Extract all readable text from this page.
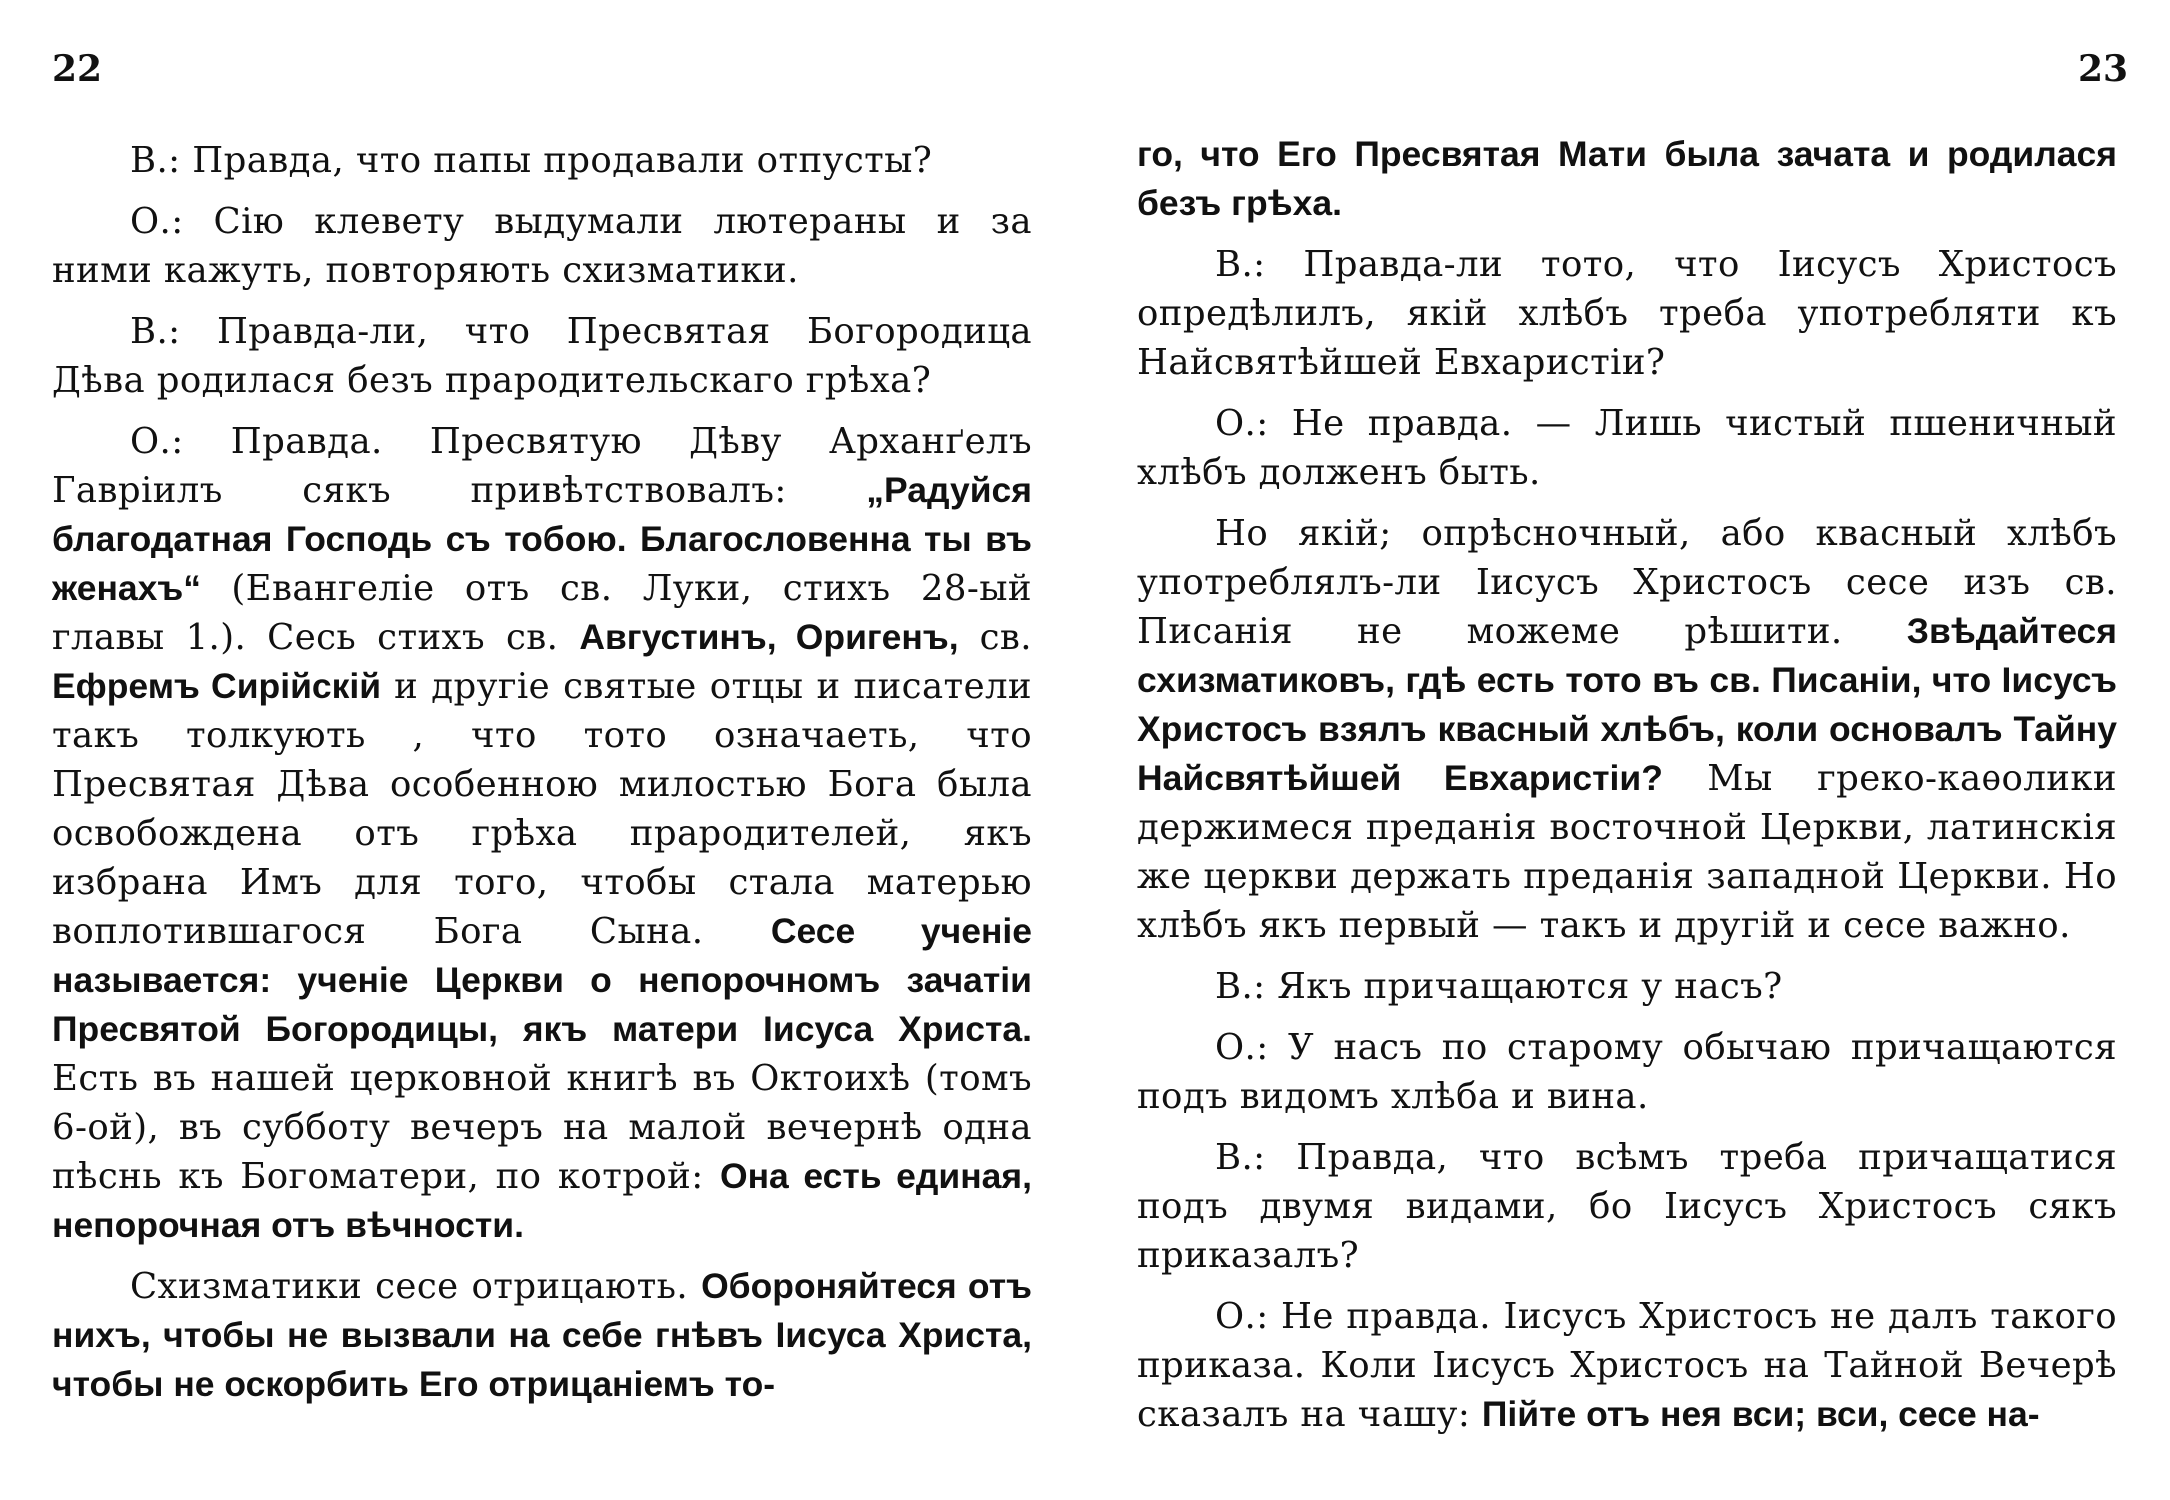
22	23

В.: Правда, что папы продавали отпусты?

О.: Сію клевету выдумали лютераны и за ними кажуть, повторяють схизматики.

В.: Правда-ли, что Пресвятая Богородица Дѣва родилася безъ прародительскаго грѣха?

О.: Правда. Пресвятую Дѣву Арханґелъ Гавріилъ сякъ привѣтствовалъ: „Радуйся благодатная Господь съ тобою. Благословенна ты въ женахъ“ (Евангеліе отъ св. Луки, стихъ 28-ый главы 1.). Сесь стихъ св. Августинъ, Оригенъ, св. Ефремъ Сирійскій и другіе святые отцы и писатели такъ толкують , что тото означаеть, что Пресвятая Дѣва особенною милостью Бога была освобождена отъ грѣха прародителей, якъ избрана Имъ для того, чтобы стала матерью воплотившагося Бога Сына. Сесе ученіе называется: ученіе Церкви о непорочномъ зачатіи Пресвятой Богородицы, якъ матери Іисуса Христа. Есть въ нашей церковной книгѣ въ Октоихѣ (томъ 6-ой), въ субботу вечеръ на малой вечернѣ одна пѣснь къ Богоматери, по котрой: Она есть единая, непорочная отъ вѣчности.

Схизматики сесе отрицають. Обороняйтеся отъ нихъ, чтобы не вызвали на себе гнѣвъ Іисуса Христа, чтобы не оскорбить Его отрицаніемъ то-

го, что Его Пресвятая Мати была зачата и родилася безъ грѣха.

В.: Правда-ли тото, что Іисусъ Христосъ опредѣлилъ, якій хлѣбъ треба употребляти къ Найсвятѣйшей Евхаристіи?

О.: Не правда. — Лишь чистый пшеничный хлѣбъ долженъ быть.

Но якій; опрѣсночный, або квасный хлѣбъ употреблялъ-ли Іисусъ Христосъ сесе изъ св. Писанія не можеме рѣшити. Звѣдайтеся схизматиковъ, гдѣ есть тото въ св. Писаніи, что Іисусъ Христосъ взялъ квасный хлѣбъ, коли основалъ Тайну Найсвятѣйшей Евхаристіи? Мы греко-каѳолики держимеся преданія восточной Церкви, латинскія же церкви держать преданія западной Церкви. Но хлѣбъ якъ первый — такъ и другій и сесе важно.

В.: Якъ причащаются у насъ?

О.: У насъ по старому обычаю причащаются подъ видомъ хлѣба и вина.

В.: Правда, что всѣмъ треба причащатися подъ двумя видами, бо Іисусъ Христосъ сякъ приказалъ?

О.: Не правда. Іисусъ Христосъ не далъ такого приказа. Коли Іисусъ Христосъ на Тайной Вечерѣ сказалъ на чашу: Пійте отъ нея вси; вси, сесе на-
